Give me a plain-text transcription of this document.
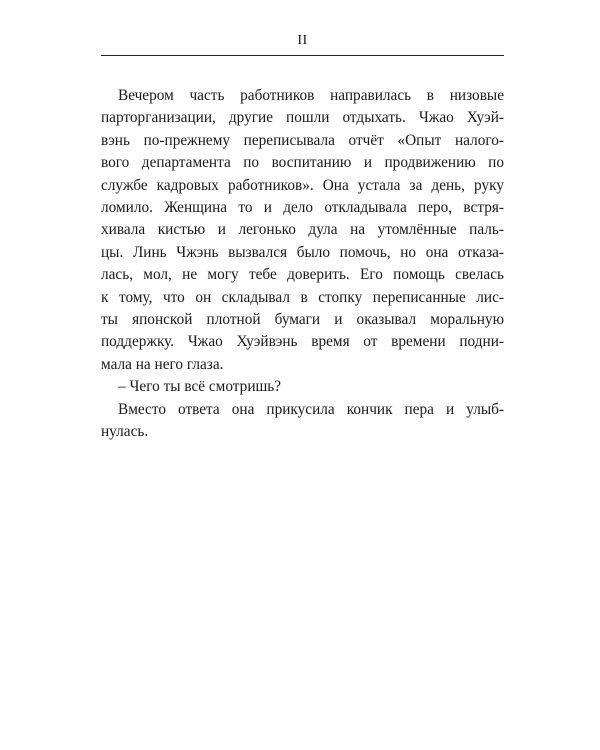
II
Вечером часть работников направилась в низовые
парторганизации, другие пошли отдыхать. Чжао Хуэй-
вэнь по-прежнему переписывала отчёт «Опыт налого-
вого департамента по воспитанию и продвижению по
службе кадровых работников». Она устала за день, руку
ломило. Женщина то и дело откладывала перо, встря-
хивала кистью и легонько дула на утомлённые паль-
цы. Линь Чжэнь вызвался было помочь, но она отказа-
лась, мол, не могу тебе доверить. Его помощь свелась
к тому, что он складывал в стопку переписанные лис-
ты японской плотной бумаги и оказывал моральную
поддержку. Чжао Хуэйвэнь время от времени подни-
мала на него глаза.
– Чего ты всё смотришь?
Вместо ответа она прикусила кончик пера и улыб-
нулась.
